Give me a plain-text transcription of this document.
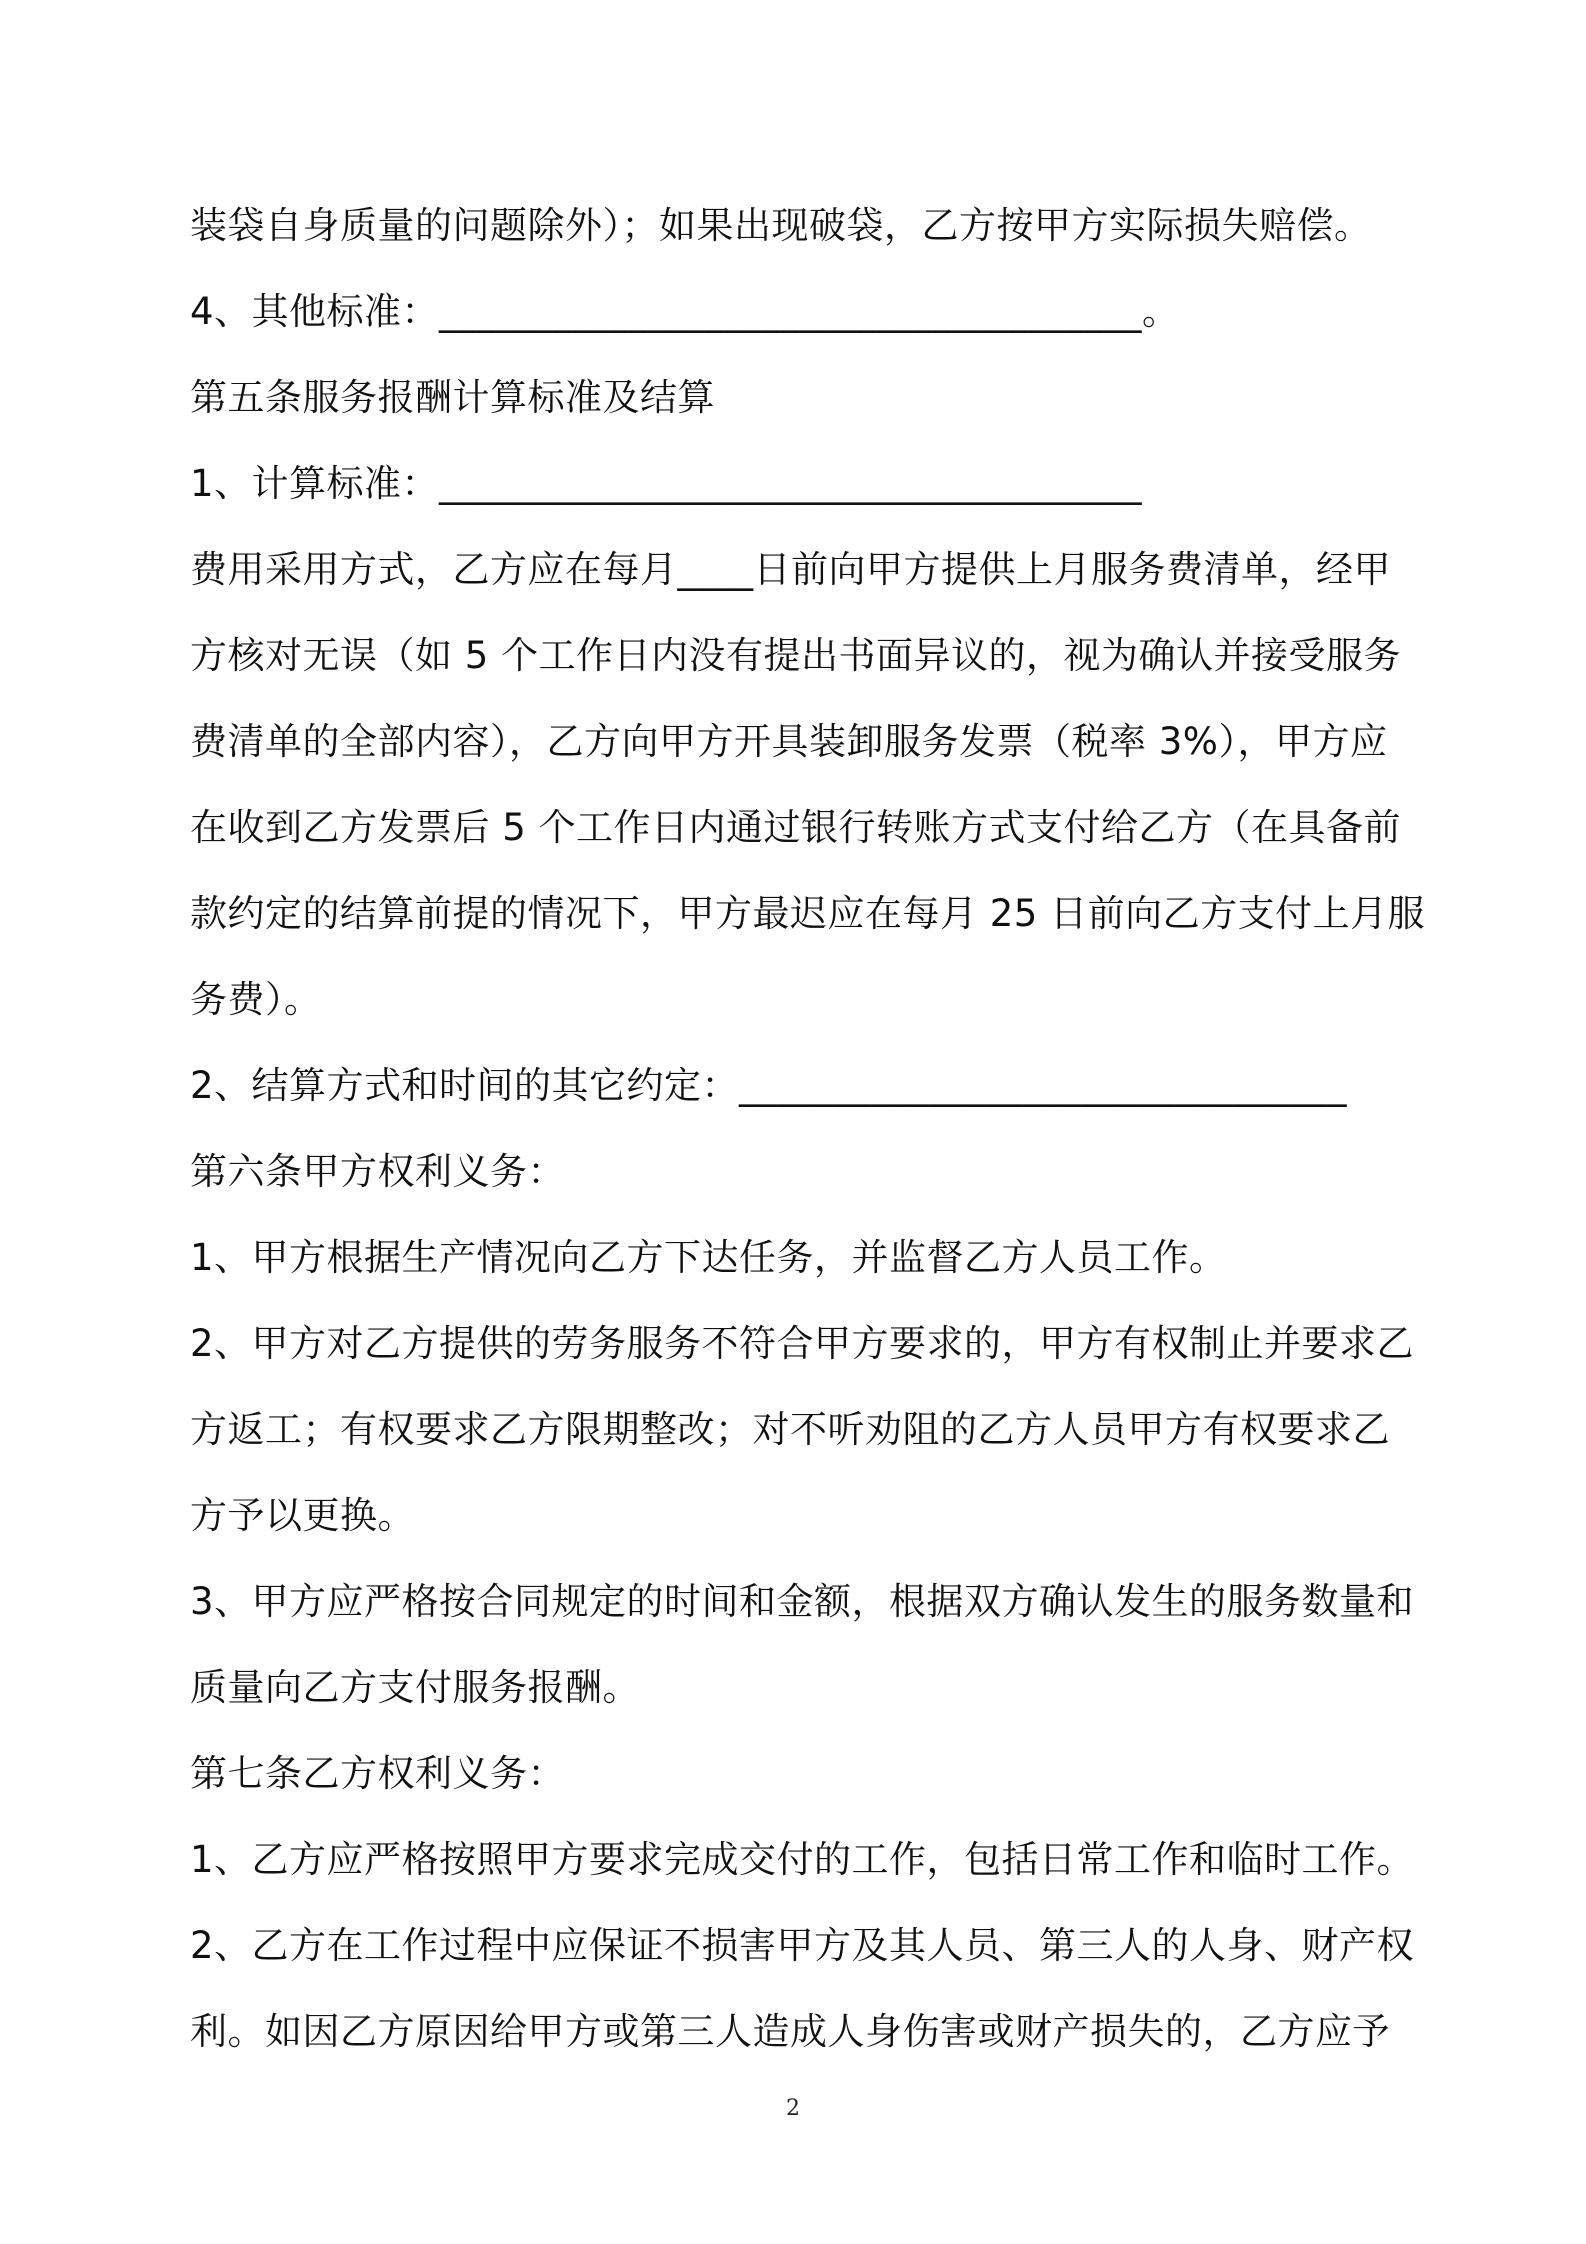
装袋自身质量的问题除外）；如果出现破袋，乙方按甲方实际损失赔偿。
4、其他标准：_____________________________________。
第五条服务报酬计算标准及结算
1、计算标准：_____________________________________
费用采用方式，乙方应在每月____日前向甲方提供上月服务费清单，经甲
方核对无误（如 5 个工作日内没有提出书面异议的，视为确认并接受服务
费清单的全部内容），乙方向甲方开具装卸服务发票（税率 3%），甲方应
在收到乙方发票后 5 个工作日内通过银行转账方式支付给乙方（在具备前
款约定的结算前提的情况下，甲方最迟应在每月 25 日前向乙方支付上月服
务费）。
2、结算方式和时间的其它约定：________________________________
第六条甲方权利义务：
1、甲方根据生产情况向乙方下达任务，并监督乙方人员工作。
2、甲方对乙方提供的劳务服务不符合甲方要求的，甲方有权制止并要求乙
方返工；有权要求乙方限期整改；对不听劝阻的乙方人员甲方有权要求乙
方予以更换。
3、甲方应严格按合同规定的时间和金额，根据双方确认发生的服务数量和
质量向乙方支付服务报酬。
第七条乙方权利义务：
1、乙方应严格按照甲方要求完成交付的工作，包括日常工作和临时工作。
2、乙方在工作过程中应保证不损害甲方及其人员、第三人的人身、财产权
利。如因乙方原因给甲方或第三人造成人身伤害或财产损失的，乙方应予
2
